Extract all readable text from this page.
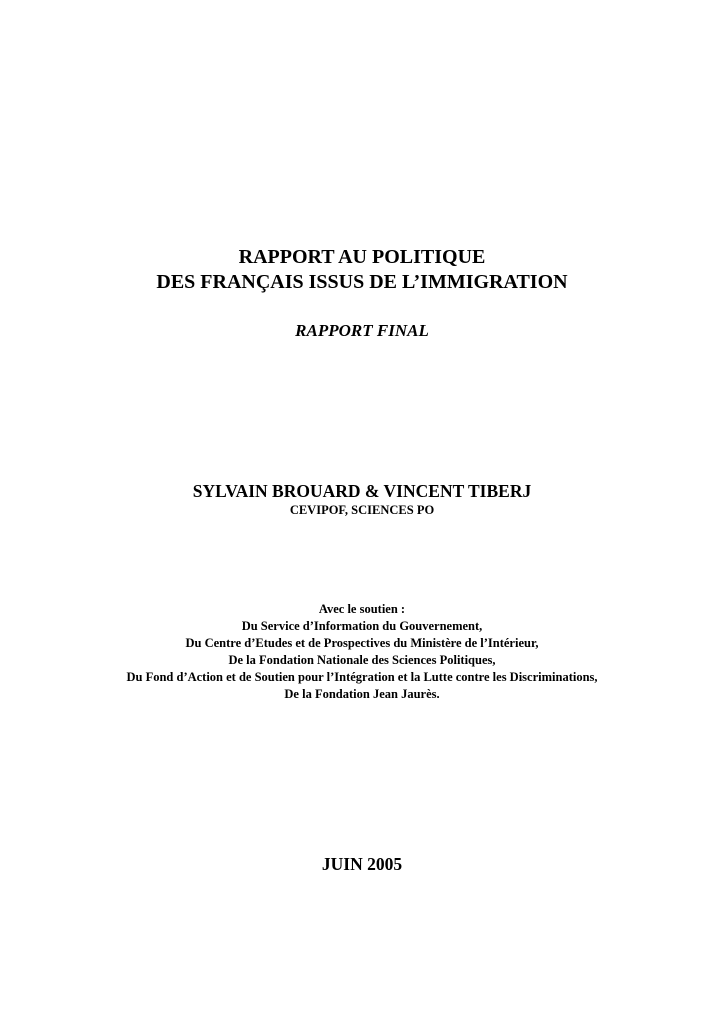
RAPPORT AU POLITIQUE

DES FRANÇAIS ISSUS DE L’IMMIGRATION

RAPPORT FINAL

SYLVAIN BROUARD & VINCENT TIBERJ

CEVIPOF, SCIENCES PO

Avec le soutien :

Du Service d’Information du Gouvernement,

Du Centre d’Etudes et de Prospectives du Ministère de l’Intérieur,

De la Fondation Nationale des Sciences Politiques,

Du Fond d’Action et de Soutien pour l’Intégration et la Lutte contre les Discriminations,

De la Fondation Jean Jaurès.

JUIN 2005
